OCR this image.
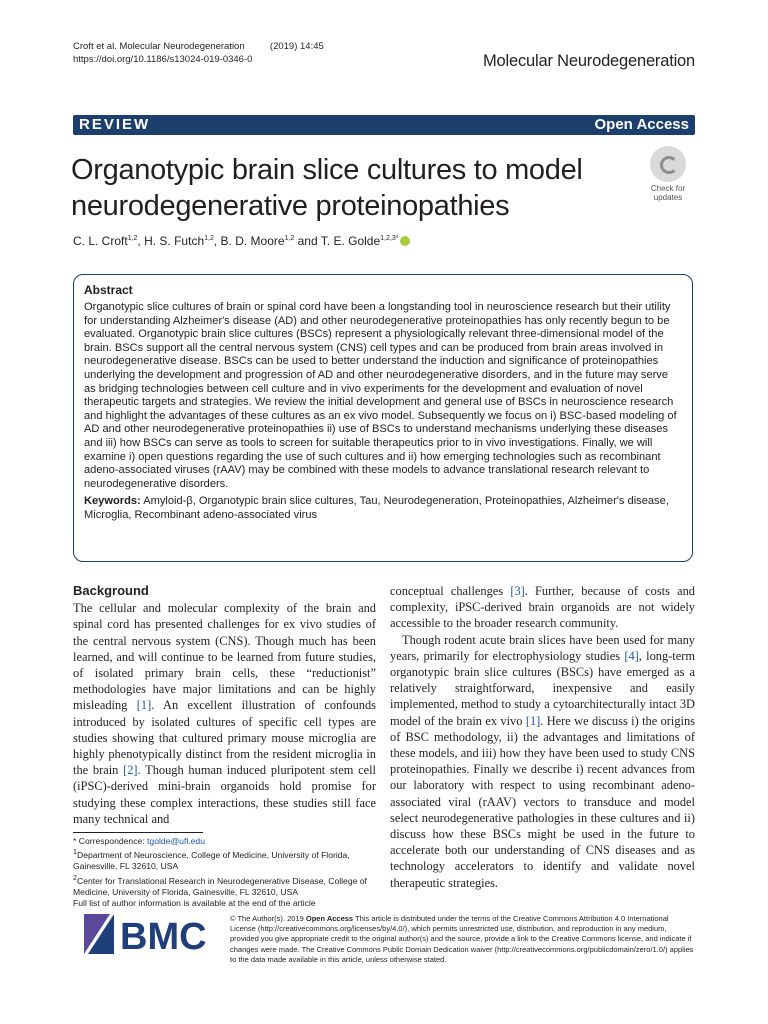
Croft et al. Molecular Neurodegeneration	(2019) 14:45
https://doi.org/10.1186/s13024-019-0346-0	Molecular Neurodegeneration
REVIEW	Open Access
Organotypic brain slice cultures to model neurodegenerative proteinopathies
Check for
updates
C. L. Croft$^{1,2}$, H. S. Futch$^{1,2}$, B. D. Moore$^{1,2}$ and T. E. Golde$^{1,2,3*}$
Abstract
Organotypic slice cultures of brain or spinal cord have been a longstanding tool in neuroscience research but their utility for understanding Alzheimer's disease (AD) and other neurodegenerative proteinopathies has only recently begun to be evaluated. Organotypic brain slice cultures (BSCs) represent a physiologically relevant three-dimensional model of the brain. BSCs support all the central nervous system (CNS) cell types and can be produced from brain areas involved in neurodegenerative disease. BSCs can be used to better understand the induction and significance of proteinopathies underlying the development and progression of AD and other neurodegenerative disorders, and in the future may serve as bridging technologies between cell culture and in vivo experiments for the development and evaluation of novel therapeutic targets and strategies. We review the initial development and general use of BSCs in neuroscience research and highlight the advantages of these cultures as an ex vivo model. Subsequently we focus on i) BSC-based modeling of AD and other neurodegenerative proteinopathies ii) use of BSCs to understand mechanisms underlying these diseases and iii) how BSCs can serve as tools to screen for suitable therapeutics prior to in vivo investigations. Finally, we will examine i) open questions regarding the use of such cultures and ii) how emerging technologies such as recombinant adeno-associated viruses (rAAV) may be combined with these models to advance translational research relevant to neurodegenerative disorders.
Keywords: Amyloid-β, Organotypic brain slice cultures, Tau, Neurodegeneration, Proteinopathies, Alzheimer's disease, Microglia, Recombinant adeno-associated virus
Background

The cellular and molecular complexity of the brain and spinal cord has presented challenges for ex vivo studies of the central nervous system (CNS). Though much has been learned, and will continue to be learned from future studies, of isolated primary brain cells, these “reductionist” methodologies have major limitations and can be highly misleading [1]. An excellent illustration of confounds introduced by isolated cultures of specific cell types are studies showing that cultured primary mouse microglia are highly phenotypically distinct from the resident microglia in the brain [2]. Though human induced pluripotent stem cell (iPSC)-derived mini-brain organoids hold promise for studying these complex interactions, these studies still face many technical and

conceptual challenges [3]. Further, because of costs and complexity, iPSC-derived brain organoids are not widely accessible to the broader research community.

Though rodent acute brain slices have been used for many years, primarily for electrophysiology studies [4], long-term organotypic brain slice cultures (BSCs) have emerged as a relatively straightforward, inexpensive and easily implemented, method to study a cytoarchitecturally intact 3D model of the brain ex vivo [1]. Here we discuss i) the origins of BSC methodology, ii) the advantages and limitations of these models, and iii) how they have been used to study CNS proteinopathies. Finally we describe i) recent advances from our laboratory with respect to using recombinant adeno-associated viral (rAAV) vectors to transduce and model select neurodegenerative pathologies in these cultures and ii) discuss how these BSCs might be used in the future to accelerate both our understanding of CNS diseases and as technology accelerators to identify and validate novel therapeutic strategies.

* Correspondence: tgolde@ufl.edu
$^1$Department of Neuroscience, College of Medicine, University of Florida, Gainesville, FL 32610, USA
$^2$Center for Translational Research in Neurodegenerative Disease, College of Medicine, University of Florida, Gainesville, FL 32610, USA
Full list of author information is available at the end of the article
BMC	© The Author(s). 2019 Open Access This article is distributed under the terms of the Creative Commons Attribution 4.0 International License (http://creativecommons.org/licenses/by/4.0/), which permits unrestricted use, distribution, and reproduction in any medium, provided you give appropriate credit to the original author(s) and the source, provide a link to the Creative Commons license, and indicate if changes were made. The Creative Commons Public Domain Dedication waiver (http://creativecommons.org/publicdomain/zero/1.0/) applies to the data made available in this article, unless otherwise stated.
